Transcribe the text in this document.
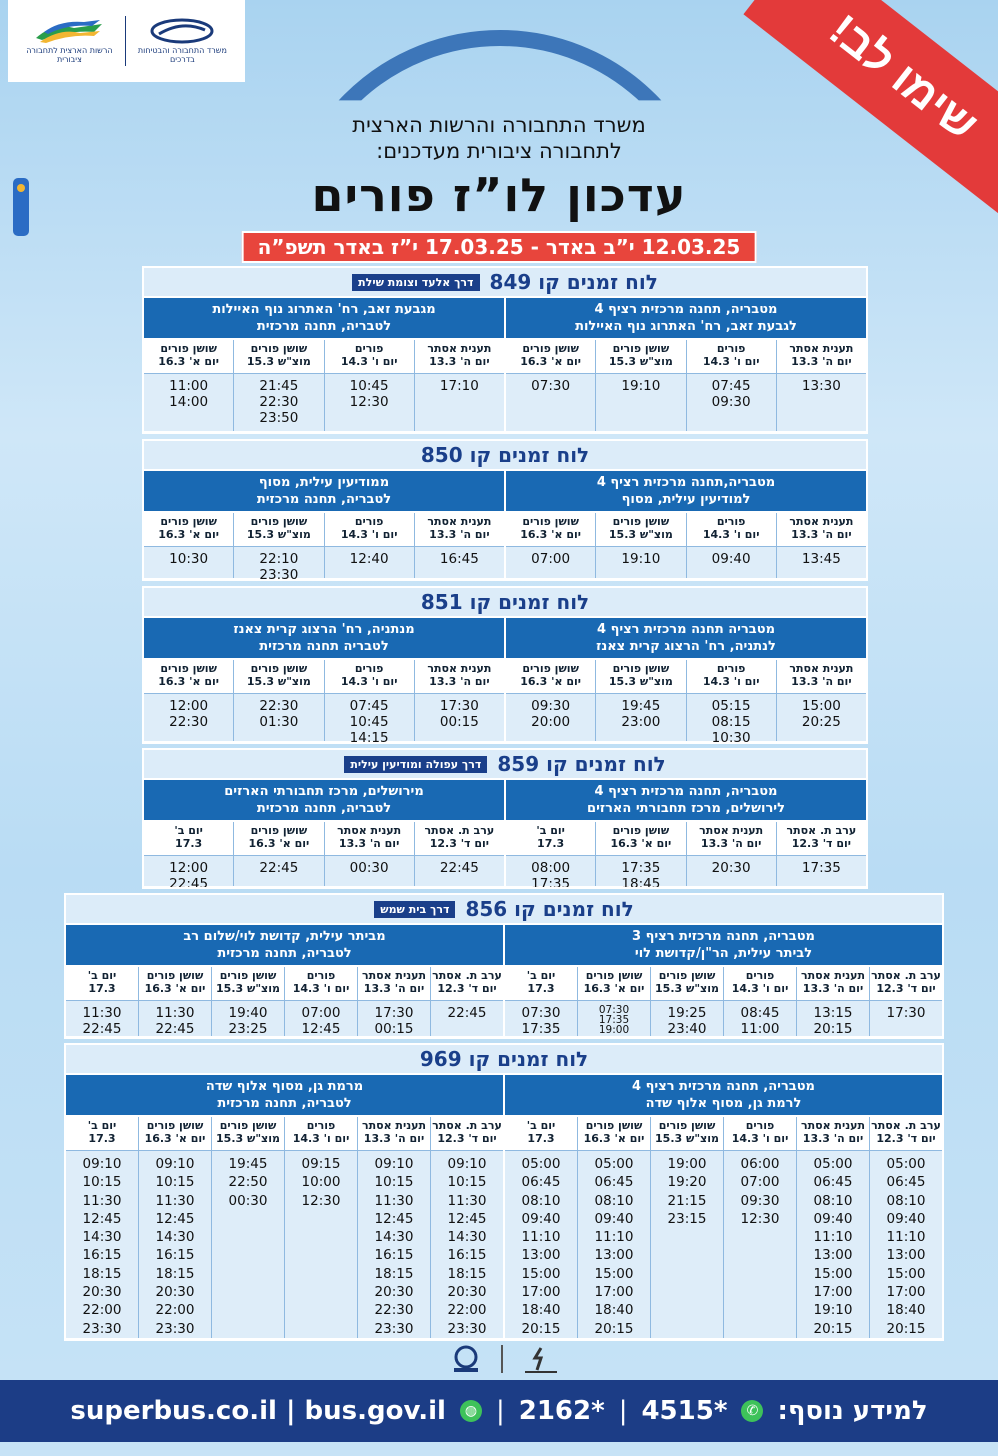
הרשות הארצית לתחבורה ציבורית
משרד התחבורה והבטיחות בדרכים	שימו לב!
משרד התחבורה והרשות הארצית
לתחבורה ציבורית מעדכנים:
עדכון לו”ז פורים
12.03.25 י”ב באדר - 17.03.25 י”ז באדר תשפ”ה
לוח זמנים קו 849
דרך אלעד וצומת שילת
מטבריה, תחנה מרכזית רציף 4
לגבעת זאב, רח' האתרוג נוף האיילות
תענית אסתר
יום ה' 13.3
13:30
פורים
יום ו' 14.3
07:45
09:30
שושן פורים
מוצ"ש 15.3
19:10
שושן פורים
יום א' 16.3
07:30
מגבעת זאב, רח' האתרוג נוף האיילות
לטבריה, תחנה מרכזית
תענית אסתר
יום ה' 13.3
17:10
פורים
יום ו' 14.3
10:45
12:30
שושן פורים
מוצ"ש 15.3
21:45
22:30
23:50
שושן פורים
יום א' 16.3
11:00
14:00
לוח זמנים קו 850
מטבריה,תחנה מרכזית רציף 4
למודיעין עילית, מסוף
תענית אסתר
יום ה' 13.3
13:45
פורים
יום ו' 14.3
09:40
שושן פורים
מוצ"ש 15.3
19:10
שושן פורים
יום א' 16.3
07:00
ממודיעין עילית, מסוף
לטבריה, תחנה מרכזית
תענית אסתר
יום ה' 13.3
16:45
פורים
יום ו' 14.3
12:40
שושן פורים
מוצ"ש 15.3
22:10
23:30
שושן פורים
יום א' 16.3
10:30
לוח זמנים קו 851
מטבריה תחנה מרכזית רציף 4
לנתניה, רח' הרצוג קרית צאנז
תענית אסתר
יום ה' 13.3
15:00
20:25
פורים
יום ו' 14.3
05:15
08:15
10:30
שושן פורים
מוצ"ש 15.3
19:45
23:00
שושן פורים
יום א' 16.3
09:30
20:00
מנתניה, רח' הרצוג קרית צאנז
לטבריה תחנה מרכזית
תענית אסתר
יום ה' 13.3
17:30
00:15
פורים
יום ו' 14.3
07:45
10:45
14:15
שושן פורים
מוצ"ש 15.3
22:30
01:30
שושן פורים
יום א' 16.3
12:00
22:30
לוח זמנים קו 859
דרך עפולה ומודיעין עילית
מטבריה, תחנה מרכזית רציף 4
לירושלים, מרכז תחבורתי הארזים
ערב ת. אסתר
יום ד' 12.3
17:35
תענית אסתר
יום ה' 13.3
20:30
שושן פורים
יום א' 16.3
17:35
18:45
יום ב'
17.3
08:00
17:35
מירושלים, מרכז תחבורתי הארזים
לטבריה, תחנה מרכזית
ערב ת. אסתר
יום ד' 12.3
22:45
תענית אסתר
יום ה' 13.3
00:30
שושן פורים
יום א' 16.3
22:45
יום ב'
17.3
12:00
22:45
לוח זמנים קו 856
דרך בית שמש
מטבריה, תחנה מרכזית רציף 3
לביתר עילית, הר"ן/קדושת לוי
ערב ת. אסתר
יום ד' 12.3
17:30
תענית אסתר
יום ה' 13.3
13:15
20:15
פורים
יום ו' 14.3
08:45
11:00
שושן פורים
מוצ"ש 15.3
19:25
23:40
שושן פורים
יום א' 16.3
07:30
17:35
19:00
יום ב'
17.3
07:30
17:35
מביתר עילית, קדושת לוי/שלום רב
לטבריה, תחנה מרכזית
ערב ת. אסתר
יום ד' 12.3
22:45
תענית אסתר
יום ה' 13.3
17:30
00:15
פורים
יום ו' 14.3
07:00
12:45
שושן פורים
מוצ"ש 15.3
19:40
23:25
שושן פורים
יום א' 16.3
11:30
22:45
יום ב'
17.3
11:30
22:45
לוח זמנים קו 969
מטבריה, תחנה מרכזית רציף 4
לרמת גן, מסוף אלוף שדה
ערב ת. אסתר
יום ד' 12.3
05:00
06:45
08:10
09:40
11:10
13:00
15:00
17:00
18:40
20:15
תענית אסתר
יום ה' 13.3
05:00
06:45
08:10
09:40
11:10
13:00
15:00
17:00
19:10
20:15
פורים
יום ו' 14.3
06:00
07:00
09:30
12:30
שושן פורים
מוצ"ש 15.3
19:00
19:20
21:15
23:15
שושן פורים
יום א' 16.3
05:00
06:45
08:10
09:40
11:10
13:00
15:00
17:00
18:40
20:15
יום ב'
17.3
05:00
06:45
08:10
09:40
11:10
13:00
15:00
17:00
18:40
20:15
מרמת גן, מסוף אלוף שדה
לטבריה, תחנה מרכזית
ערב ת. אסתר
יום ד' 12.3
09:10
10:15
11:30
12:45
14:30
16:15
18:15
20:30
22:00
23:30
תענית אסתר
יום ה' 13.3
09:10
10:15
11:30
12:45
14:30
16:15
18:15
20:30
22:30
23:30
פורים
יום ו' 14.3
09:15
10:00
12:30
שושן פורים
מוצ"ש 15.3
19:45
22:50
00:30
שושן פורים
יום א' 16.3
09:10
10:15
11:30
12:45
14:30
16:15
18:15
20:30
22:00
23:30
יום ב'
17.3
09:10
10:15
11:30
12:45
14:30
16:15
18:15
20:30
22:00
23:30
למידע נוסף:
✆
4515*
|
2162*
|
◍
superbus.co.il | bus.gov.il
